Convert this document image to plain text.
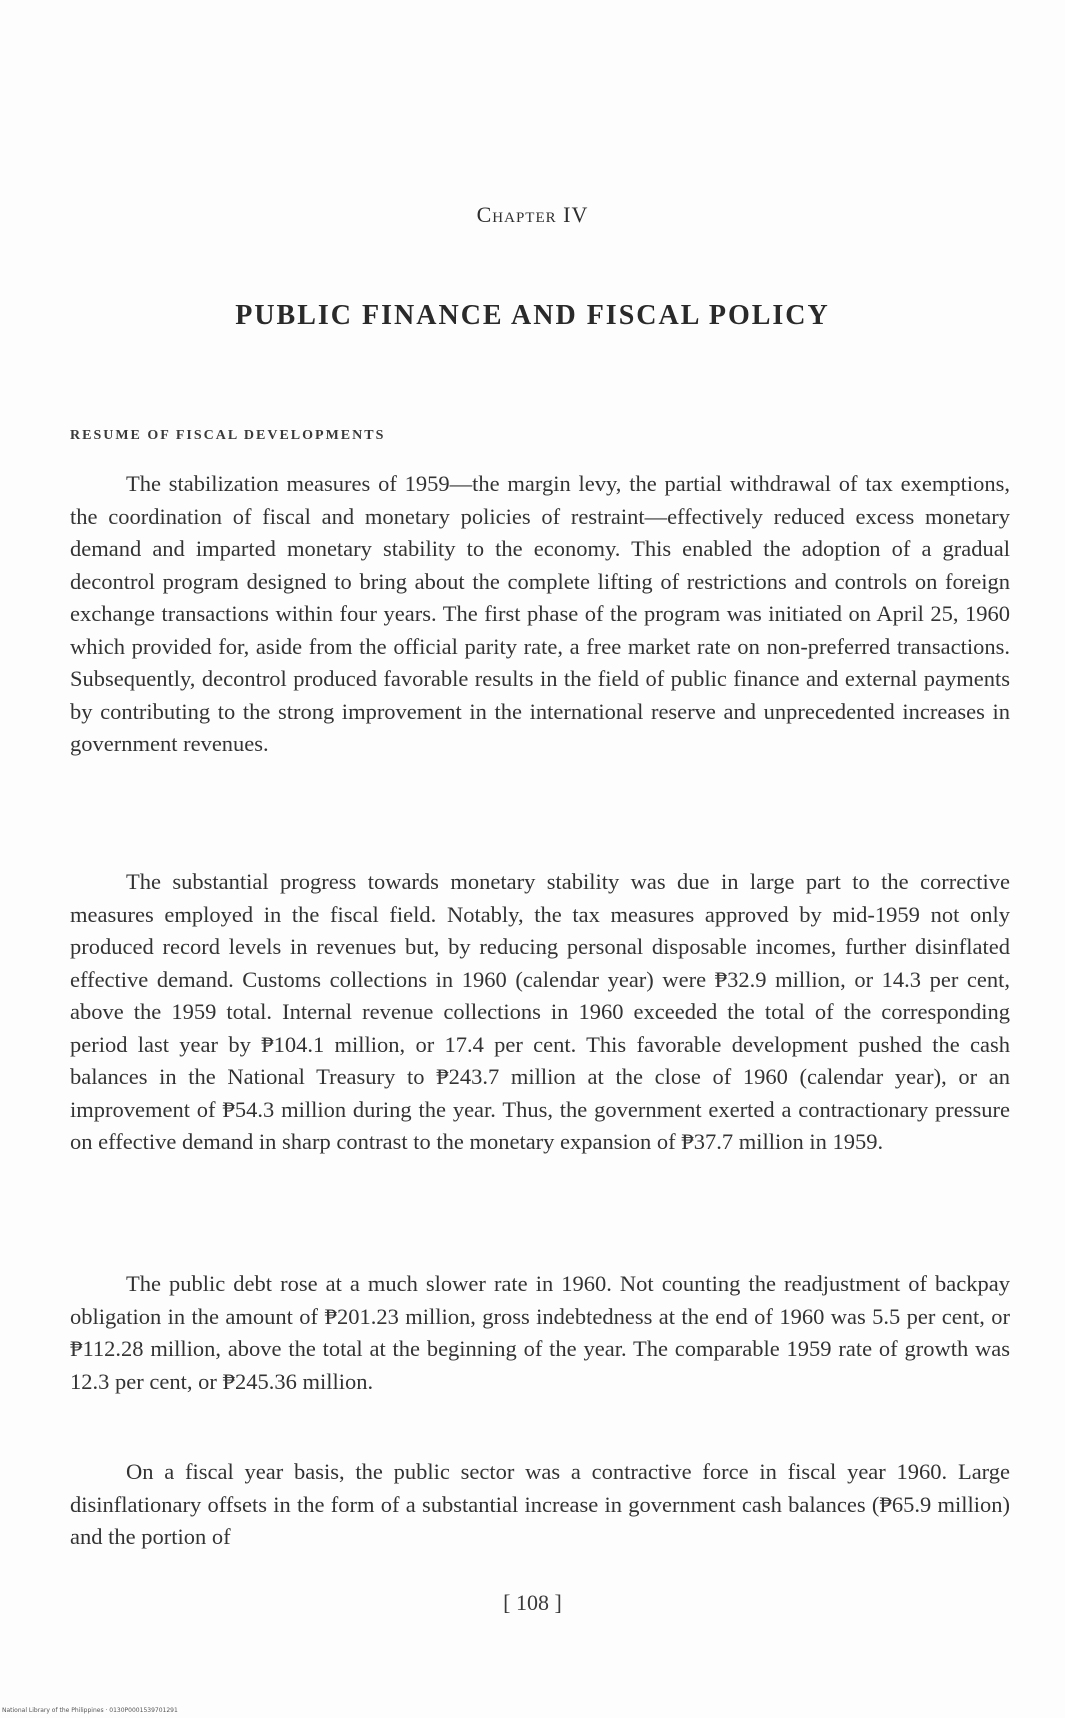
Chapter IV
PUBLIC FINANCE AND FISCAL POLICY
RESUME OF FISCAL DEVELOPMENTS

The stabilization measures of 1959—the margin levy, the partial withdrawal of tax exemptions, the coordination of fiscal and monetary policies of restraint—effectively reduced excess monetary demand and imparted monetary stability to the economy. This enabled the adoption of a gradual decontrol program designed to bring about the complete lifting of restrictions and controls on foreign exchange transactions within four years. The first phase of the program was initiated on April 25, 1960 which provided for, aside from the official parity rate, a free market rate on non-preferred transactions. Subsequently, decontrol produced favorable results in the field of public finance and external payments by contributing to the strong improvement in the international reserve and unprecedented increases in government revenues.

The substantial progress towards monetary stability was due in large part to the corrective measures employed in the fiscal field. Notably, the tax measures approved by mid-1959 not only produced record levels in revenues but, by reducing personal disposable incomes, further disinflated effective demand. Customs collections in 1960 (calendar year) were ₱32.9 million, or 14.3 per cent, above the 1959 total. Internal revenue collections in 1960 exceeded the total of the corresponding period last year by ₱104.1 million, or 17.4 per cent. This favorable development pushed the cash balances in the National Treasury to ₱243.7 million at the close of 1960 (calendar year), or an improvement of ₱54.3 million during the year. Thus, the government exerted a contractionary pressure on effective demand in sharp contrast to the monetary expansion of ₱37.7 million in 1959.

The public debt rose at a much slower rate in 1960. Not counting the readjustment of backpay obligation in the amount of ₱201.23 million, gross indebtedness at the end of 1960 was 5.5 per cent, or ₱112.28 million, above the total at the beginning of the year. The comparable 1959 rate of growth was 12.3 per cent, or ₱245.36 million.

On a fiscal year basis, the public sector was a contractive force in fiscal year 1960. Large disinflationary offsets in the form of a substantial increase in government cash balances (₱65.9 million) and the portion of

[ 108 ]
National Library of the Philippines · 0130P0001539701291
